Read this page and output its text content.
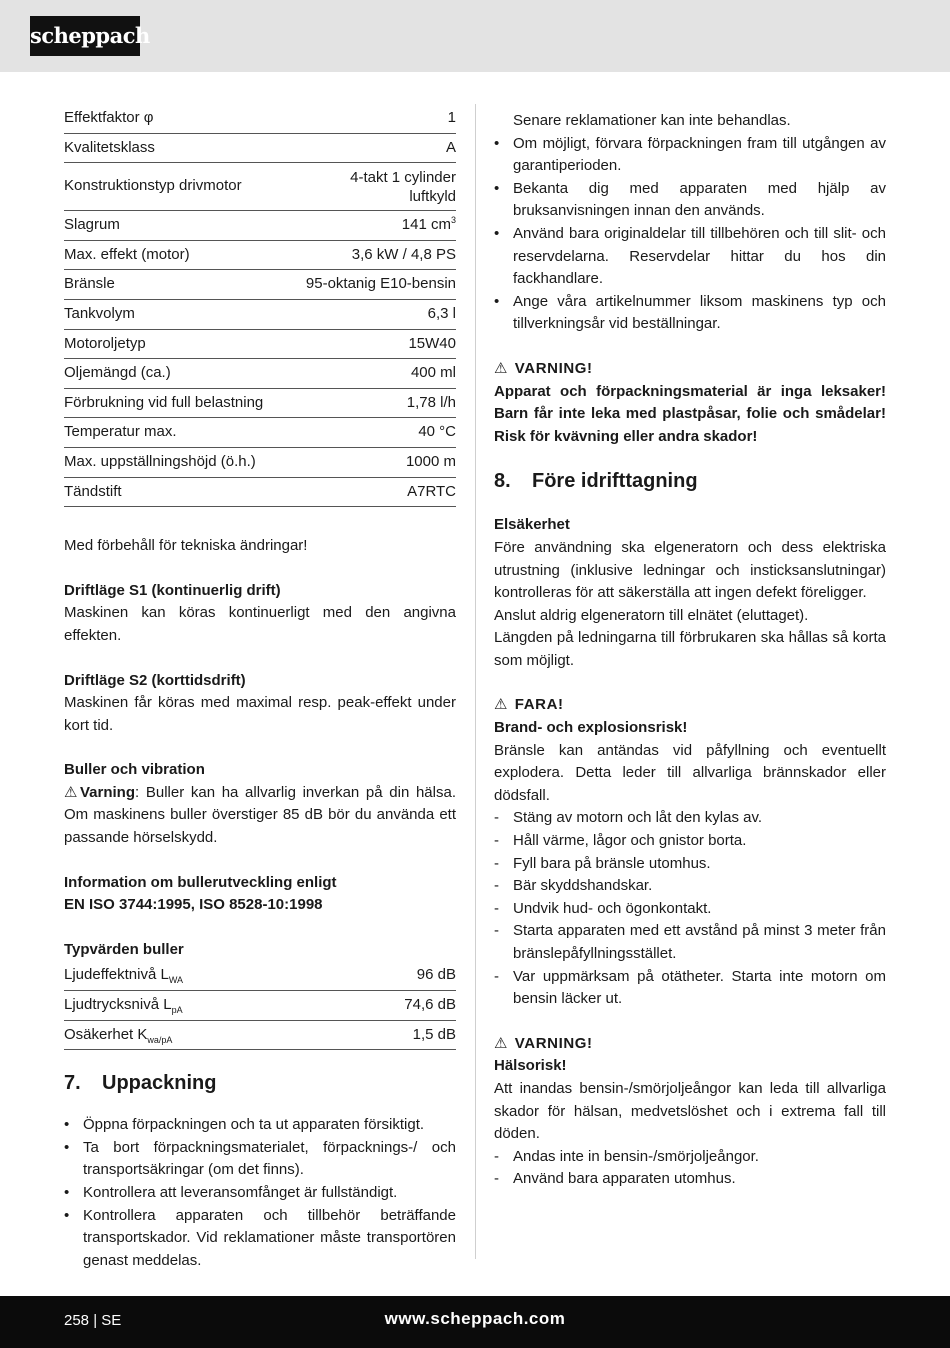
scheppach
Effektfaktor φ	1
Kvalitetsklass	A
Konstruktionstyp drivmotor	4-takt 1 cylinder
luftkyld
Slagrum	141 $cm^3$
Max. effekt (motor)	3,6 kW / 4,8 PS
Bränsle	95-oktanig E10-bensin
Tankvolym	6,3 l
Motoroljetyp	15W40
Oljemängd (ca.)	400 ml
Förbrukning vid full belastning	1,78 l/h
Temperatur max.	40 °C
Max. uppställningshöjd (ö.h.)	1000 m
Tändstift	A7RTC

Med förbehåll för tekniska ändringar!

Driftläge S1 (kontinuerlig drift)

Maskinen kan köras kontinuerligt med den angivna effekten.

Driftläge S2 (korttidsdrift)

Maskinen får köras med maximal resp. peak-effekt under kort tid.

Buller och vibration

⚠ Varning: Buller kan ha allvarlig inverkan på din hälsa. Om maskinens buller överstiger 85 dB bör du använda ett passande hörselskydd.

Information om bullerutveckling enligt

EN ISO 3744:1995, ISO 8528-10:1998

Typvärden buller

Ljudeffektnivå $L_{WA}$	96 dB
Ljudtrycksnivå $L_{pA}$	74,6 dB
Osäkerhet $K_{wa/pA}$	1,5 dB
7. Uppackning
• Öppna förpackningen och ta ut apparaten försiktigt.
• Ta bort förpackningsmaterialet, förpacknings-/ och transportsäkringar (om det finns).
• Kontrollera att leveransomfånget är fullständigt.
• Kontrollera apparaten och tillbehör beträffande transportskador. Vid reklamationer måste transportören genast meddelas.

Senare reklamationer kan inte behandlas.

• Om möjligt, förvara förpackningen fram till utgången av garantiperioden.
• Bekanta dig med apparaten med hjälp av bruksanvisningen innan den används.
• Använd bara originaldelar till tillbehören och till slit- och reservdelarna. Reservdelar hittar du hos din fackhandlare.
• Ange våra artikelnummer liksom maskinens typ och tillverkningsår vid beställningar.

⚠ VARNING!

Apparat och förpackningsmaterial är inga leksaker! Barn får inte leka med plastpåsar, folie och smådelar! Risk för kvävning eller andra skador!

8. Före idrifttagning

Elsäkerhet

Före användning ska elgeneratorn och dess elektriska utrustning (inklusive ledningar och insticksanslutningar) kontrolleras för att säkerställa att ingen defekt föreligger.

Anslut aldrig elgeneratorn till elnätet (eluttaget).

Längden på ledningarna till förbrukaren ska hållas så korta som möjligt.

⚠ FARA!

Brand- och explosionsrisk!

Bränsle kan antändas vid påfyllning och eventuellt explodera. Detta leder till allvarliga brännskador eller dödsfall.

- Stäng av motorn och låt den kylas av.
- Håll värme, lågor och gnistor borta.
- Fyll bara på bränsle utomhus.
- Bär skyddshandskar.
- Undvik hud- och ögonkontakt.
- Starta apparaten med ett avstånd på minst 3 meter från bränslepåfyllningsstället.
- Var uppmärksam på otätheter. Starta inte motorn om bensin läcker ut.

⚠ VARNING!

Hälsorisk!

Att inandas bensin-/smörjoljeångor kan leda till allvarliga skador för hälsan, medvetslöshet och i extrema fall till döden.

- Andas inte in bensin-/smörjoljeångor.
- Använd bara apparaten utomhus.
258 | SE	www.scheppach.com
